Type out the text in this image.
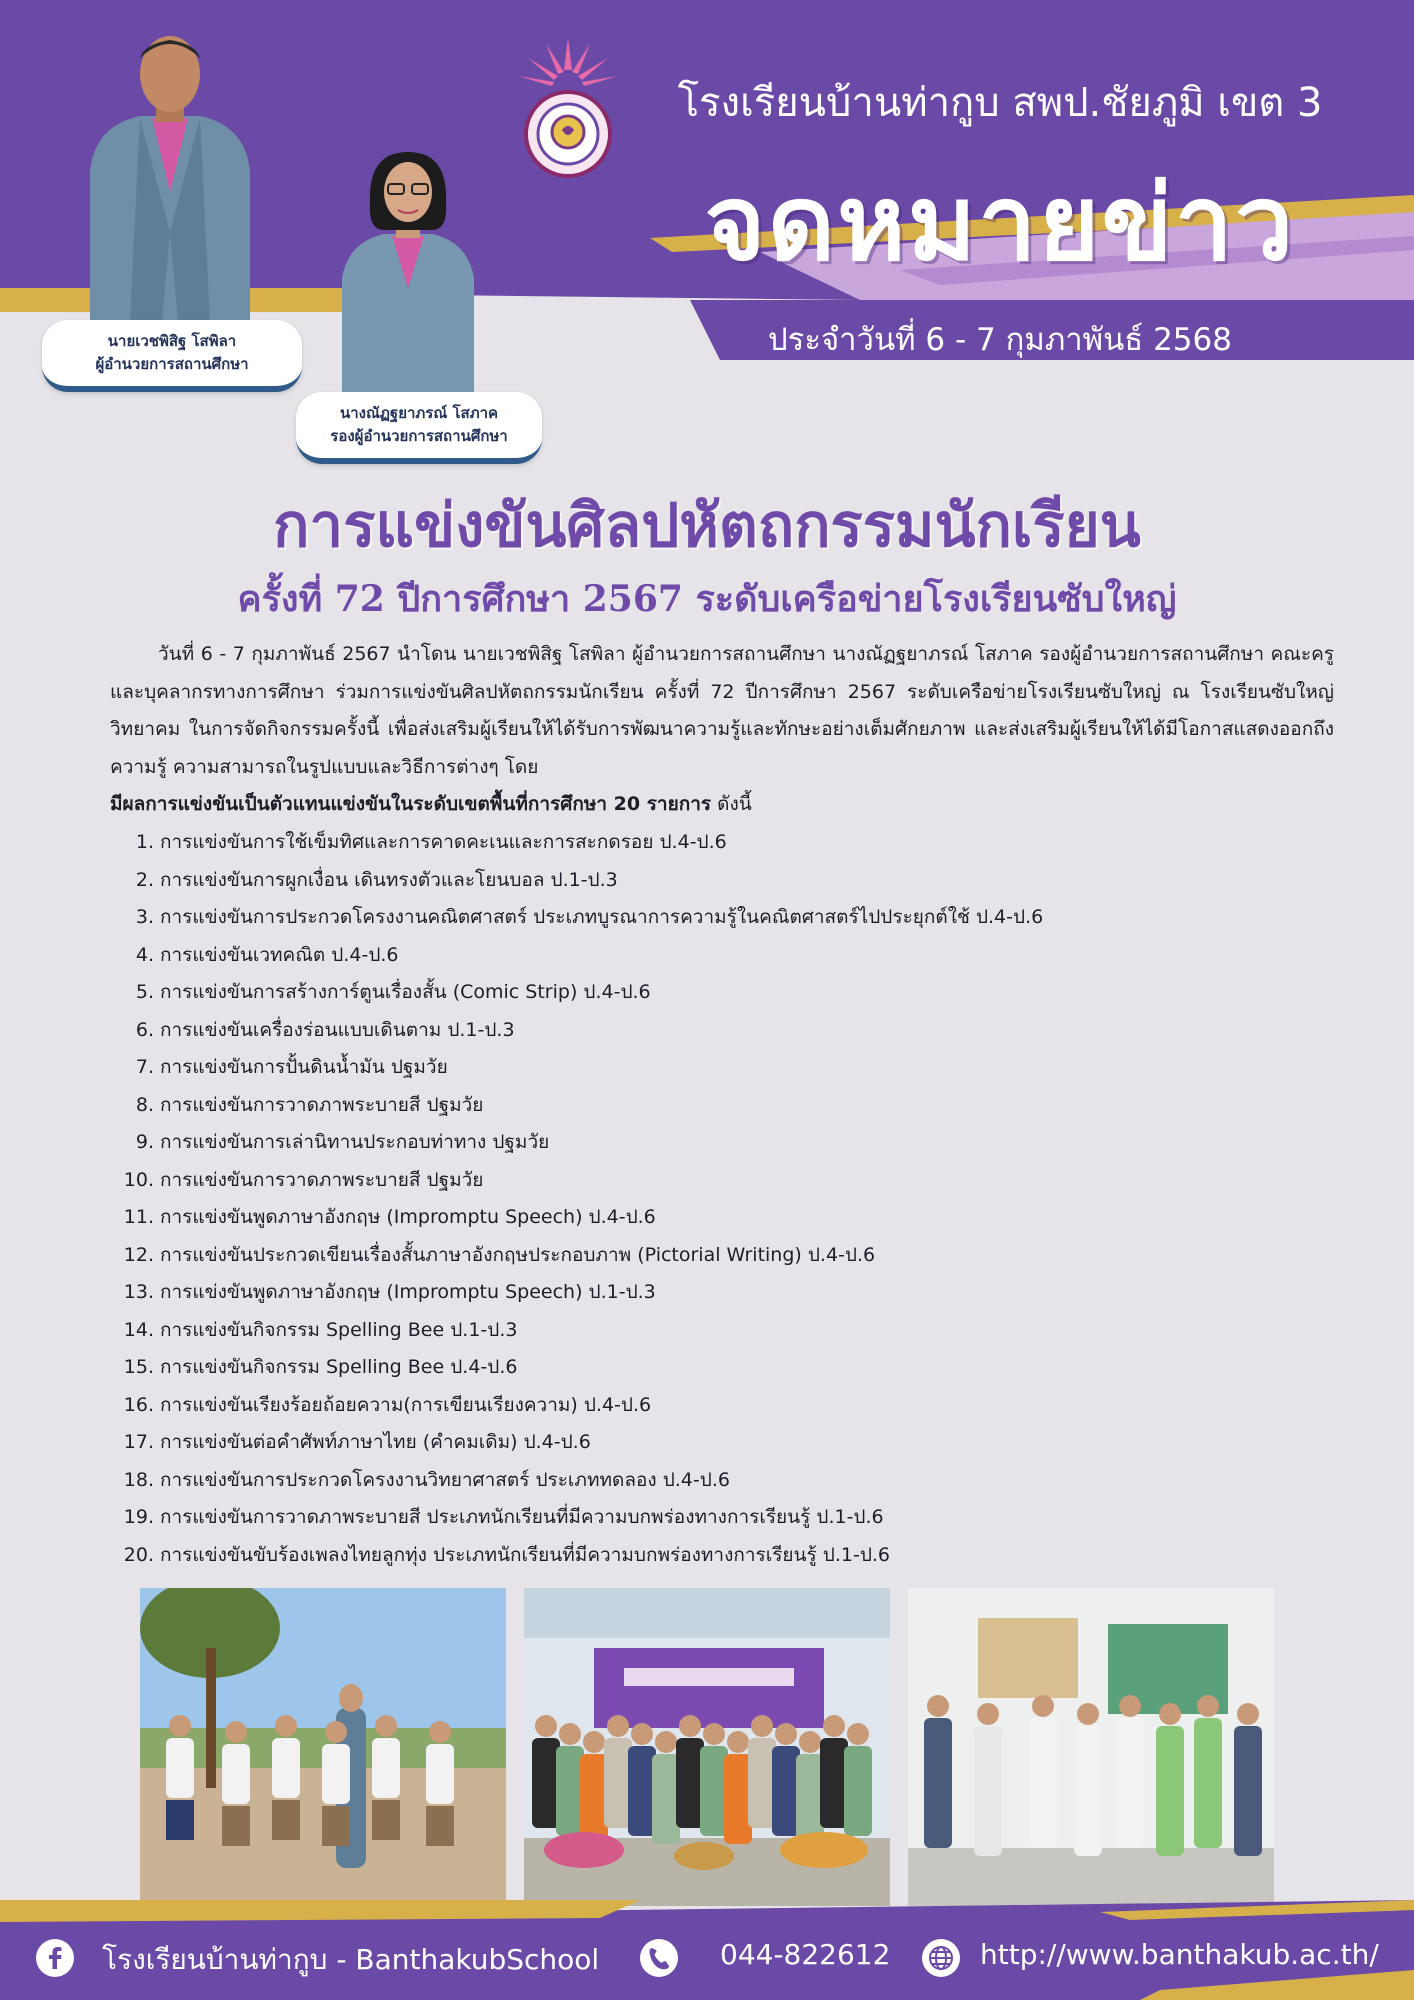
โรงเรียนบ้านท่ากูบ สพป.ชัยภูมิ เขต 3
จดหมายข่าว
ประจำวันที่ 6 - 7 กุมภาพันธ์ 2568
นายเวชพิสิฐ โสพิลา
ผู้อำนวยการสถานศึกษา
นางณัฏฐยาภรณ์ โสภาค
รองผู้อำนวยการสถานศึกษา
การแข่งขันศิลปหัตถกรรมนักเรียน
ครั้งที่ 72 ปีการศึกษา 2567 ระดับเครือข่ายโรงเรียนซับใหญ่

วันที่ 6 - 7 กุมภาพันธ์ 2567 นำโดน นายเวชพิสิฐ โสพิลา ผู้อำนวยการสถานศึกษา นางณัฏฐยาภรณ์ โสภาค รองผู้อำนวยการสถานศึกษา คณะครูและบุคลากรทางการศึกษา ร่วมการแข่งขันศิลปหัตถกรรมนักเรียน ครั้งที่ 72 ปีการศึกษา 2567 ระดับเครือข่ายโรงเรียนซับใหญ่ ณ โรงเรียนซับใหญ่วิทยาคม ในการจัดกิจกรรมครั้งนี้ เพื่อส่งเสริมผู้เรียนให้ได้รับการพัฒนาความรู้และทักษะอย่างเต็มศักยภาพ และส่งเสริมผู้เรียนให้ได้มีโอกาสแสดงออกถึงความรู้ ความสามารถในรูปแบบและวิธีการต่างๆ โดย
มีผลการแข่งขันเป็นตัวแทนแข่งขันในระดับเขตพื้นที่การศึกษา 20 รายการ ดังนี้

1. การแข่งขันการใช้เข็มทิศและการคาดคะเนและการสะกดรอย ป.4-ป.6
2. การแข่งขันการผูกเงื่อน เดินทรงตัวและโยนบอล ป.1-ป.3
3. การแข่งขันการประกวดโครงงานคณิตศาสตร์ ประเภทบูรณาการความรู้ในคณิตศาสตร์ไปประยุกต์ใช้ ป.4-ป.6
4. การแข่งขันเวทคณิต ป.4-ป.6
5. การแข่งขันการสร้างการ์ตูนเรื่องสั้น (Comic Strip) ป.4-ป.6
6. การแข่งขันเครื่องร่อนแบบเดินตาม ป.1-ป.3
7. การแข่งขันการปั้นดินน้ำมัน ปฐมวัย
8. การแข่งขันการวาดภาพระบายสี ปฐมวัย
9. การแข่งขันการเล่านิทานประกอบท่าทาง ปฐมวัย
10. การแข่งขันการวาดภาพระบายสี ปฐมวัย
11. การแข่งขันพูดภาษาอังกฤษ (Impromptu Speech) ป.4-ป.6
12. การแข่งขันประกวดเขียนเรื่องสั้นภาษาอังกฤษประกอบภาพ (Pictorial Writing) ป.4-ป.6
13. การแข่งขันพูดภาษาอังกฤษ (Impromptu Speech) ป.1-ป.3
14. การแข่งขันกิจกรรม Spelling Bee ป.1-ป.3
15. การแข่งขันกิจกรรม Spelling Bee ป.4-ป.6
16. การแข่งขันเรียงร้อยถ้อยความ(การเขียนเรียงความ) ป.4-ป.6
17. การแข่งขันต่อคำศัพท์ภาษาไทย (คำคมเดิม) ป.4-ป.6
18. การแข่งขันการประกวดโครงงานวิทยาศาสตร์ ประเภททดลอง ป.4-ป.6
19. การแข่งขันการวาดภาพระบายสี ประเภทนักเรียนที่มีความบกพร่องทางการเรียนรู้ ป.1-ป.6
20. การแข่งขันขับร้องเพลงไทยลูกทุ่ง ประเภทนักเรียนที่มีความบกพร่องทางการเรียนรู้ ป.1-ป.6
โรงเรียนบ้านท่ากูบ - BanthakubSchool	044-822612	http://www.banthakub.ac.th/
